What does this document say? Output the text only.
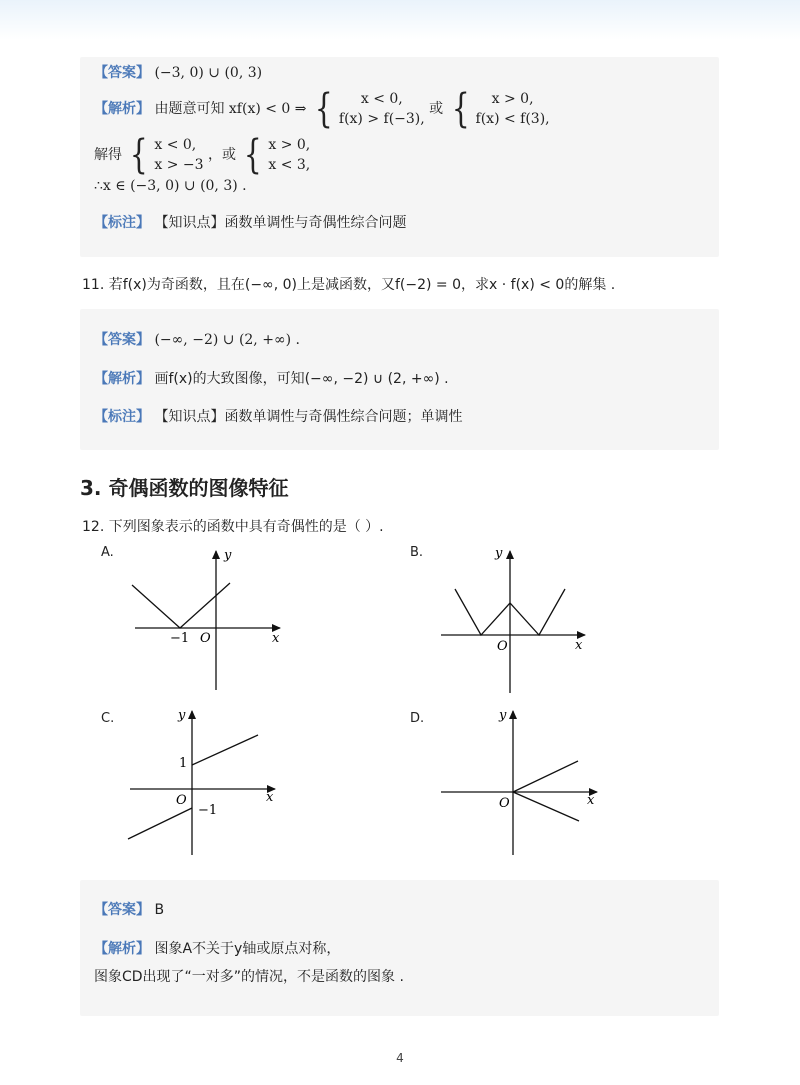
【答案】 (−3, 0) ∪ (0, 3)
【解析】 由题意可知 xf(x) < 0 ⇒ {	x < 0,
f(x) > f(−3),
或 {	x > 0,
f(x) < f(3),
解得 { x < 0,
x > −3
，或 { x > 0,
x < 3,
∴x ∈ (−3, 0) ∪ (0, 3) .
【标注】 【知识点】函数单调性与奇偶性综合问题
11. 若f(x)为奇函数，且在(−∞, 0)上是减函数，又f(−2) = 0，求x · f(x) < 0的解集 .
【答案】 (−∞, −2) ∪ (2, +∞) .
【解析】 画f(x)的大致图像，可知(−∞, −2) ∪ (2, +∞) .
【标注】 【知识点】函数单调性与奇偶性综合问题；单调性
3. 奇偶函数的图像特征
12. 下列图象表示的函数中具有奇偶性的是（ ）.
A.	B.
C.	D.
y
x
O
−1
y
x
O
y
x
O
1
−1
y
x
O
【答案】 B
【解析】 图象A不关于y轴或原点对称，
图象CD出现了“一对多”的情况，不是函数的图象 .
4
